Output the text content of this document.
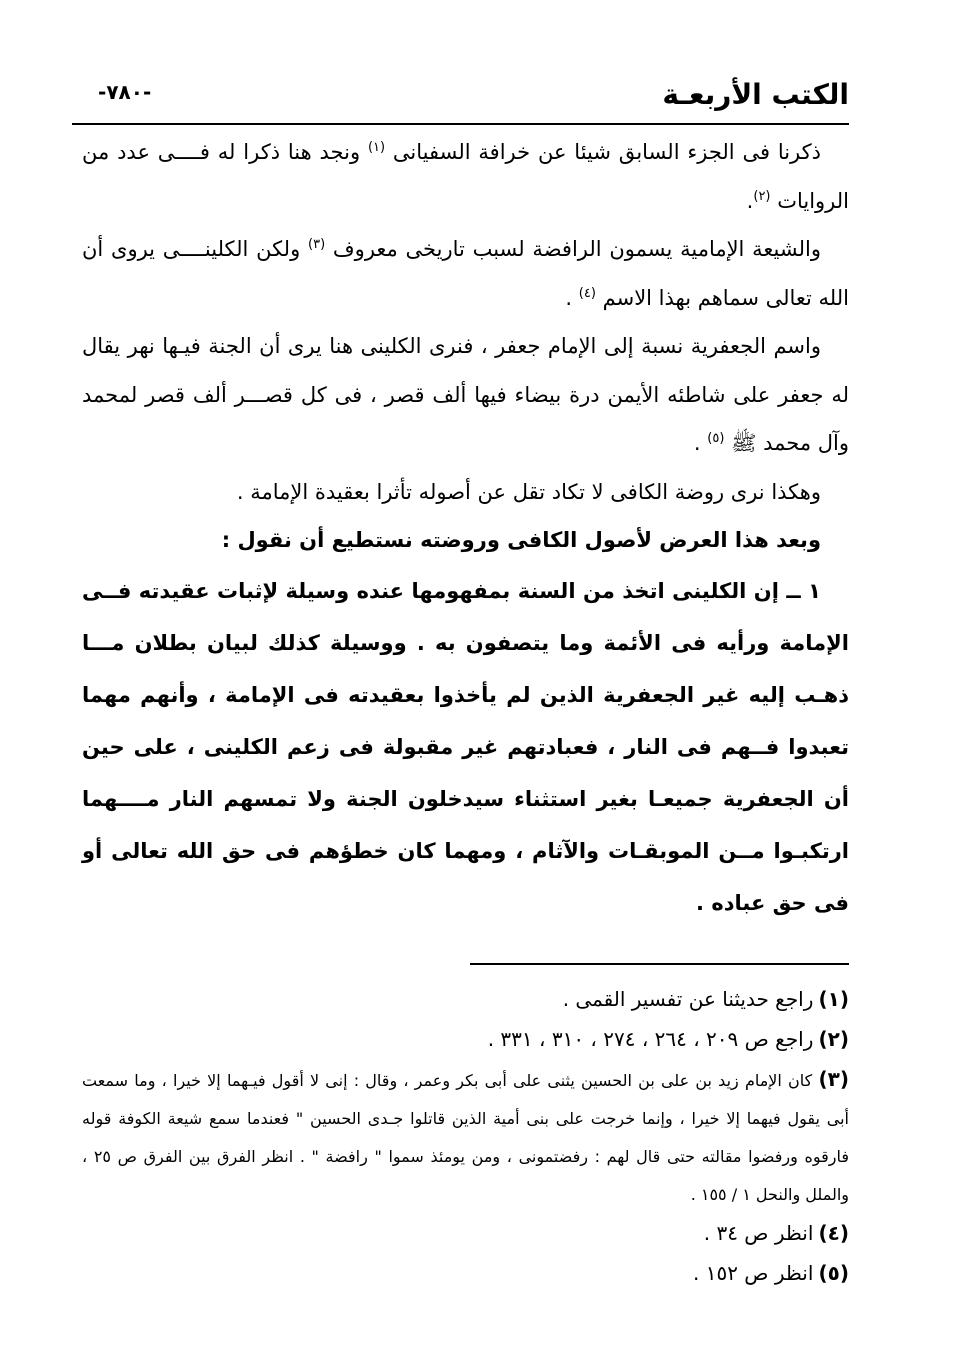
الكتب الأربعـة
-٧٨٠-

ذكرنا فى الجزء السابق شيئا عن خرافة السفيانى $^{(١)}$ ونجد هنا ذكرا له فــــى عدد من الروايات $^{(٢)}$.

والشيعة الإمامية يسمون الرافضة لسبب تاريخى معروف $^{(٣)}$ ولكن الكلينــــى يروى أن الله تعالى سماهم بهذا الاسم $^{(٤)}$ .

واسم الجعفرية نسبة إلى الإمام جعفر ، فنرى الكلينى هنا يرى أن الجنة فيـها نهر يقال له جعفر على شاطئه الأيمن درة بيضاء فيها ألف قصر ، فى كل قصـــر ألف قصر لمحمد وآل محمد ﷺ $^{(٥)}$ .

وهكذا نرى روضة الكافى لا تكاد تقل عن أصوله تأثرا بعقيدة الإمامة .

وبعد هذا العرض لأصول الكافى وروضته نستطيع أن نقول :

١ ــ إن الكلينى اتخذ من السنة بمفهومها عنده وسيلة لإثبات عقيدته فــى الإمامة ورأيه فى الأئمة وما يتصفون به . ووسيلة كذلك لبيان بطلان مـــا ذهـب إليه غير الجعفرية الذين لم يأخذوا بعقيدته فى الإمامة ، وأنهم مهما تعبدوا فــهم فى النار ، فعبادتهم غير مقبولة فى زعم الكلينى ، على حين أن الجعفرية جميعـا بغير استثناء سيدخلون الجنة ولا تمسهم النار مــــهما ارتكبـوا مــن الموبقـات والآثام ، ومهما كان خطؤهم فى حق الله تعالى أو فى حق عباده .

(١) راجع حديثنا عن تفسير القمى .

(٢) راجع ص ٢٠٩ ، ٢٦٤ ، ٢٧٤ ، ٣١٠ ، ٣٣١ .

(٣) كان الإمام زيد بن على بن الحسين يثنى على أبى بكر وعمر ، وقال : إنى لا أقول فيـهما إلا خيرا ، وما سمعت أبى يقول فيهما إلا خيرا ، وإنما خرجت على بنى أمية الذين قاتلوا جـدى الحسين " فعندما سمع شيعة الكوفة قوله فارقوه ورفضوا مقالته حتى قال لهم : رفضتمونى ، ومن يومئذ سموا " رافضة " . انظر الفرق بين الفرق ص ٢٥ ، والملل والنحل ١ / ١٥٥ .

(٤) انظر ص ٣٤ .

(٥) انظر ص ١٥٢ .
